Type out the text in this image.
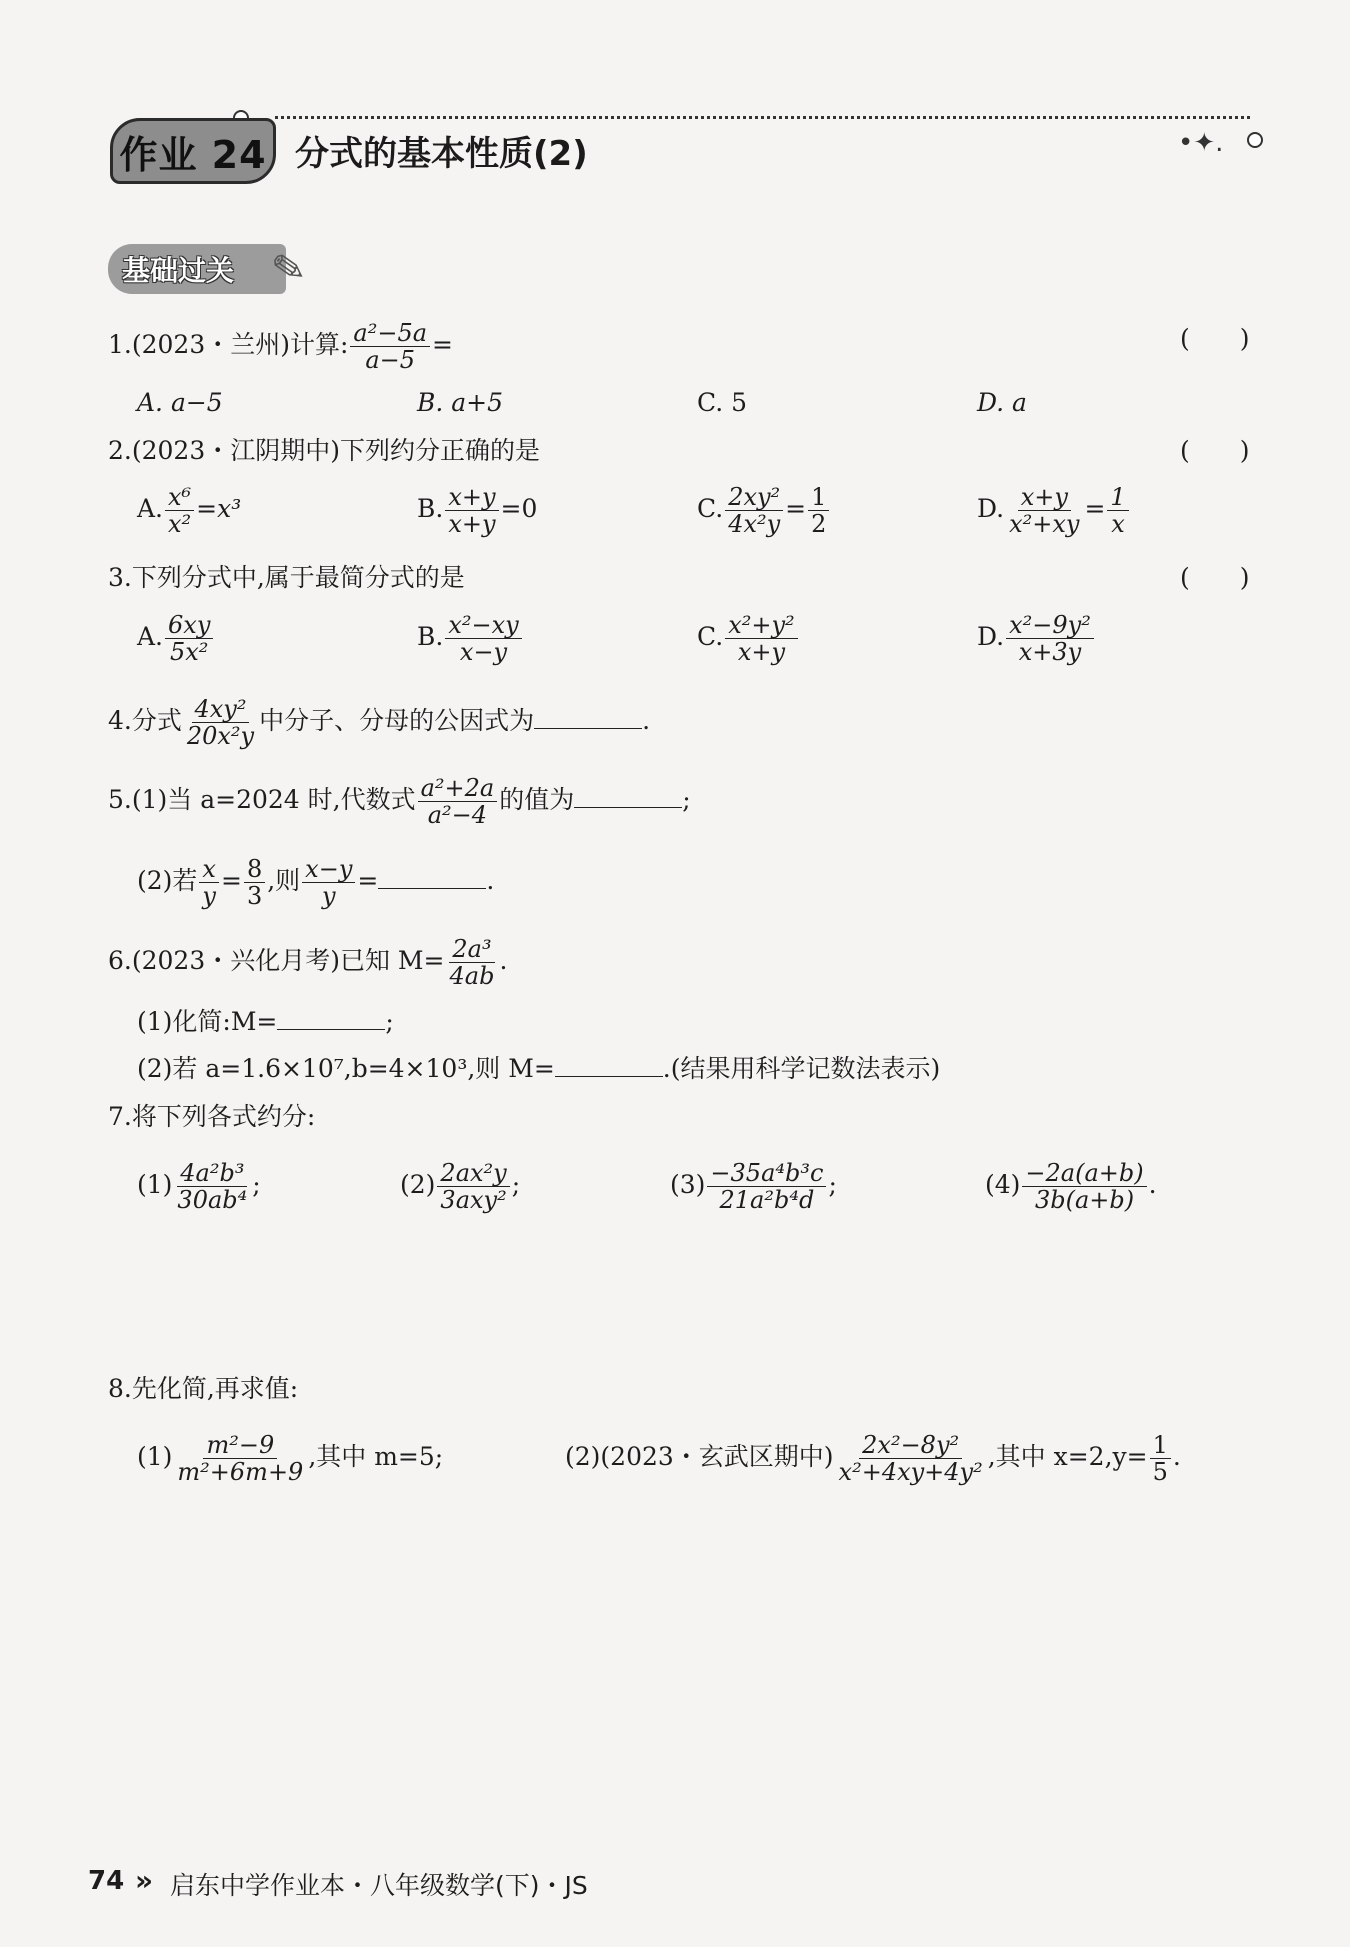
•✦.
作业 24 分式的基本性质(2)
基础过关 ✎
1.(2023・兰州)计算: $\frac{\text{a²−5a}}{a-5}$ =	(　　)
A. a−5	B. a+5	C. 5	D. a
2.(2023・江阴期中)下列约分正确的是	(　　)
A. $\frac{\text{x⁶}}{\text{x²}} =x^3$	B. $\frac{x+y}{x+y} =0$	C. $\frac{\text{2xy²}}{\text{4x²y}} = \frac{1}{2}$	D. $\frac{x+y}{\text{x²+xy}} = \frac{1}{x}$
3.下列分式中,属于最简分式的是	(　　)
A. $\frac{6xy}{\text{5x²}}$	B. $\frac{\text{x²−xy}}{x-y}$	C. $\frac{\text{x²+y²}}{x+y}$	D. $\frac{\text{x²−9y²}}{x+3y}$
4.分式 $\frac{\text{4xy²}}{\text{20x²y}}$ 中分子、分母的公因式为	.
5.(1)当 a=2024 时,代数式 $\frac{\text{a²+2a}}{\text{a²−4}}$ 的值为	;
(2)若 $\frac{x}{y} = \frac{8}{3}$ ,则 $\frac{x-y}{y}$ =	.
6.(2023・兴化月考)已知 $M= \frac{\text{2a³}}{4ab}$ .
(1)化简:M=	;
(2)若 a=1.6×10⁷,b=4×10³,则 M=	.(结果用科学记数法表示)
7.将下列各式约分:
$(1) \frac{\text{4a²b³}}{\text{30ab⁴}}$ ;	$(2) \frac{\text{2ax²y}}{\text{3axy²}}$ ;	$(3) \frac{\text{−35a⁴b³c}}{\text{21a²b⁴d}}$ ;	$(4) \frac{-2a(a+b)}{3b(a+b)}$ .
8.先化简,再求值:
$(1) \frac{\text{m²−9}}{\text{m²+6m+9}}$ ,其中 m=5;	(2)(2023・玄武区期中) $\frac{\text{2x²−8y²}}{\text{x²+4xy+4y²}}$ ,其中 $x=2,y= \frac{1}{5}$ .
74 » 启东中学作业本・八年级数学(下)・JS
